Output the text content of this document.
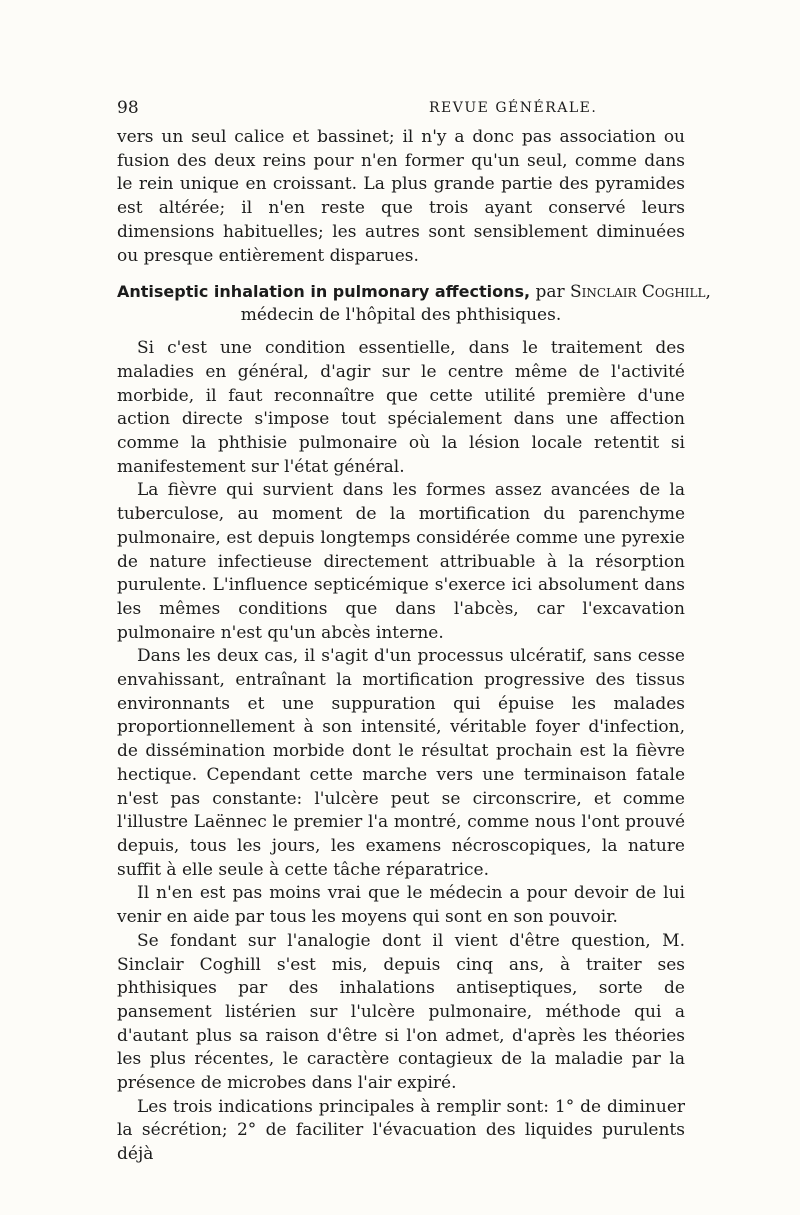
98	REVUE GÉNÉRALE.

vers un seul calice et bassinet; il n'y a donc pas association ou fusion des deux reins pour n'en former qu'un seul, comme dans le rein unique en croissant. La plus grande partie des pyramides est altérée; il n'en reste que trois ayant conservé leurs dimensions habituelles; les autres sont sensiblement diminuées ou presque entièrement disparues.

Antiseptic inhalation in pulmonary affections, par Sinclair Coghill,
médecin de l'hôpital des phthisiques.

Si c'est une condition essentielle, dans le traitement des maladies en général, d'agir sur le centre même de l'activité morbide, il faut reconnaître que cette utilité première d'une action directe s'impose tout spécialement dans une affection comme la phthisie pulmonaire où la lésion locale retentit si manifestement sur l'état général.

La fièvre qui survient dans les formes assez avancées de la tuberculose, au moment de la mortification du parenchyme pulmonaire, est depuis longtemps considérée comme une pyrexie de nature infectieuse directement attribuable à la résorption purulente. L'influence septicémique s'exerce ici absolument dans les mêmes conditions que dans l'abcès, car l'excavation pulmonaire n'est qu'un abcès interne.

Dans les deux cas, il s'agit d'un processus ulcératif, sans cesse envahissant, entraînant la mortification progressive des tissus environnants et une suppuration qui épuise les malades proportionnellement à son intensité, véritable foyer d'infection, de dissémination morbide dont le résultat prochain est la fièvre hectique. Cependant cette marche vers une terminaison fatale n'est pas constante: l'ulcère peut se circonscrire, et comme l'illustre Laënnec le premier l'a montré, comme nous l'ont prouvé depuis, tous les jours, les examens nécroscopiques, la nature suffit à elle seule à cette tâche réparatrice.

Il n'en est pas moins vrai que le médecin a pour devoir de lui venir en aide par tous les moyens qui sont en son pouvoir.

Se fondant sur l'analogie dont il vient d'être question, M. Sinclair Coghill s'est mis, depuis cinq ans, à traiter ses phthisiques par des inhalations antiseptiques, sorte de pansement listérien sur l'ulcère pulmonaire, méthode qui a d'autant plus sa raison d'être si l'on admet, d'après les théories les plus récentes, le caractère contagieux de la maladie par la présence de microbes dans l'air expiré.

Les trois indications principales à remplir sont: 1° de diminuer la sécrétion; 2° de faciliter l'évacuation des liquides purulents déjà
